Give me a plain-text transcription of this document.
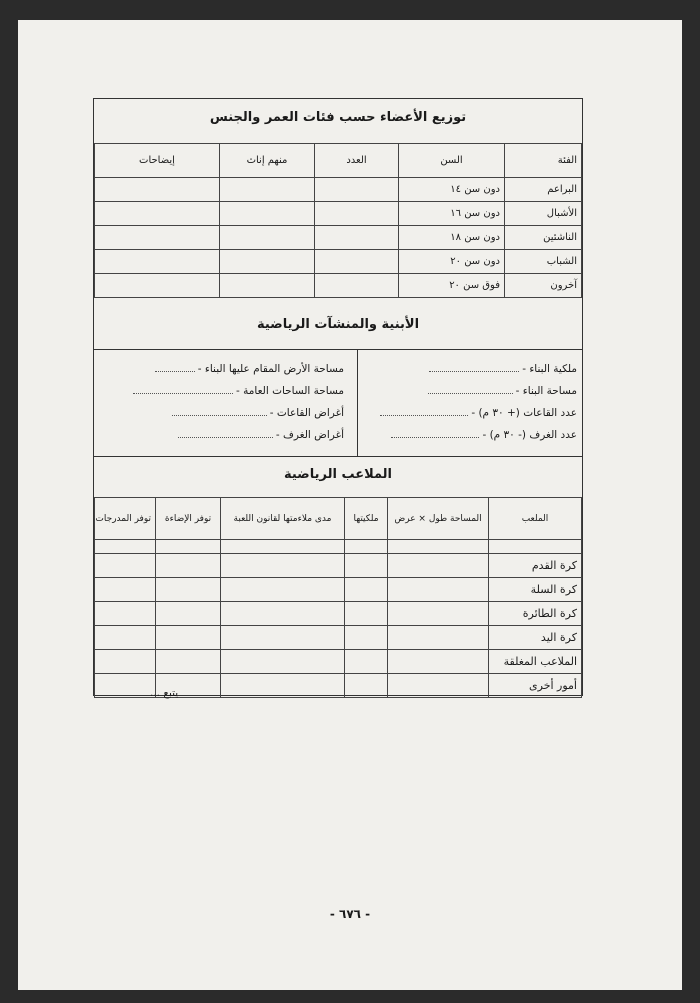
توزيع الأعضاء حسب فئات العمر والجنس
الفئة	السن	العدد	منهم إناث	إيضاحات
البراعم	دون سن ١٤			
الأشبال	دون سن ١٦			
الناشئين	دون سن ١٨			
الشباب	دون سن ٢٠			
آخرون	فوق سن ٢٠			
الأبنية والمنشآت الرياضية
ملكية البناء -
مساحة البناء -
عدد القاعات (+ ٣٠ م) -
عدد الغرف (- ٣٠ م) -
مساحة الأرض المقام عليها البناء -
مساحة الساحات العامة -
أغراض القاعات -
أغراض الغرف -
الملاعب الرياضية
الملعب	المساحة طول × عرض	ملكيتها	مدى ملاءمتها لقانون اللعبة	توفر الإضاءة	توفر المدرجات

كرة القدم					
كرة السلة					
كرة الطائرة					
كرة اليد					
الملاعب المغلقة					
أمور أخرى					
يتبع ...
- ٦٧٦ -
